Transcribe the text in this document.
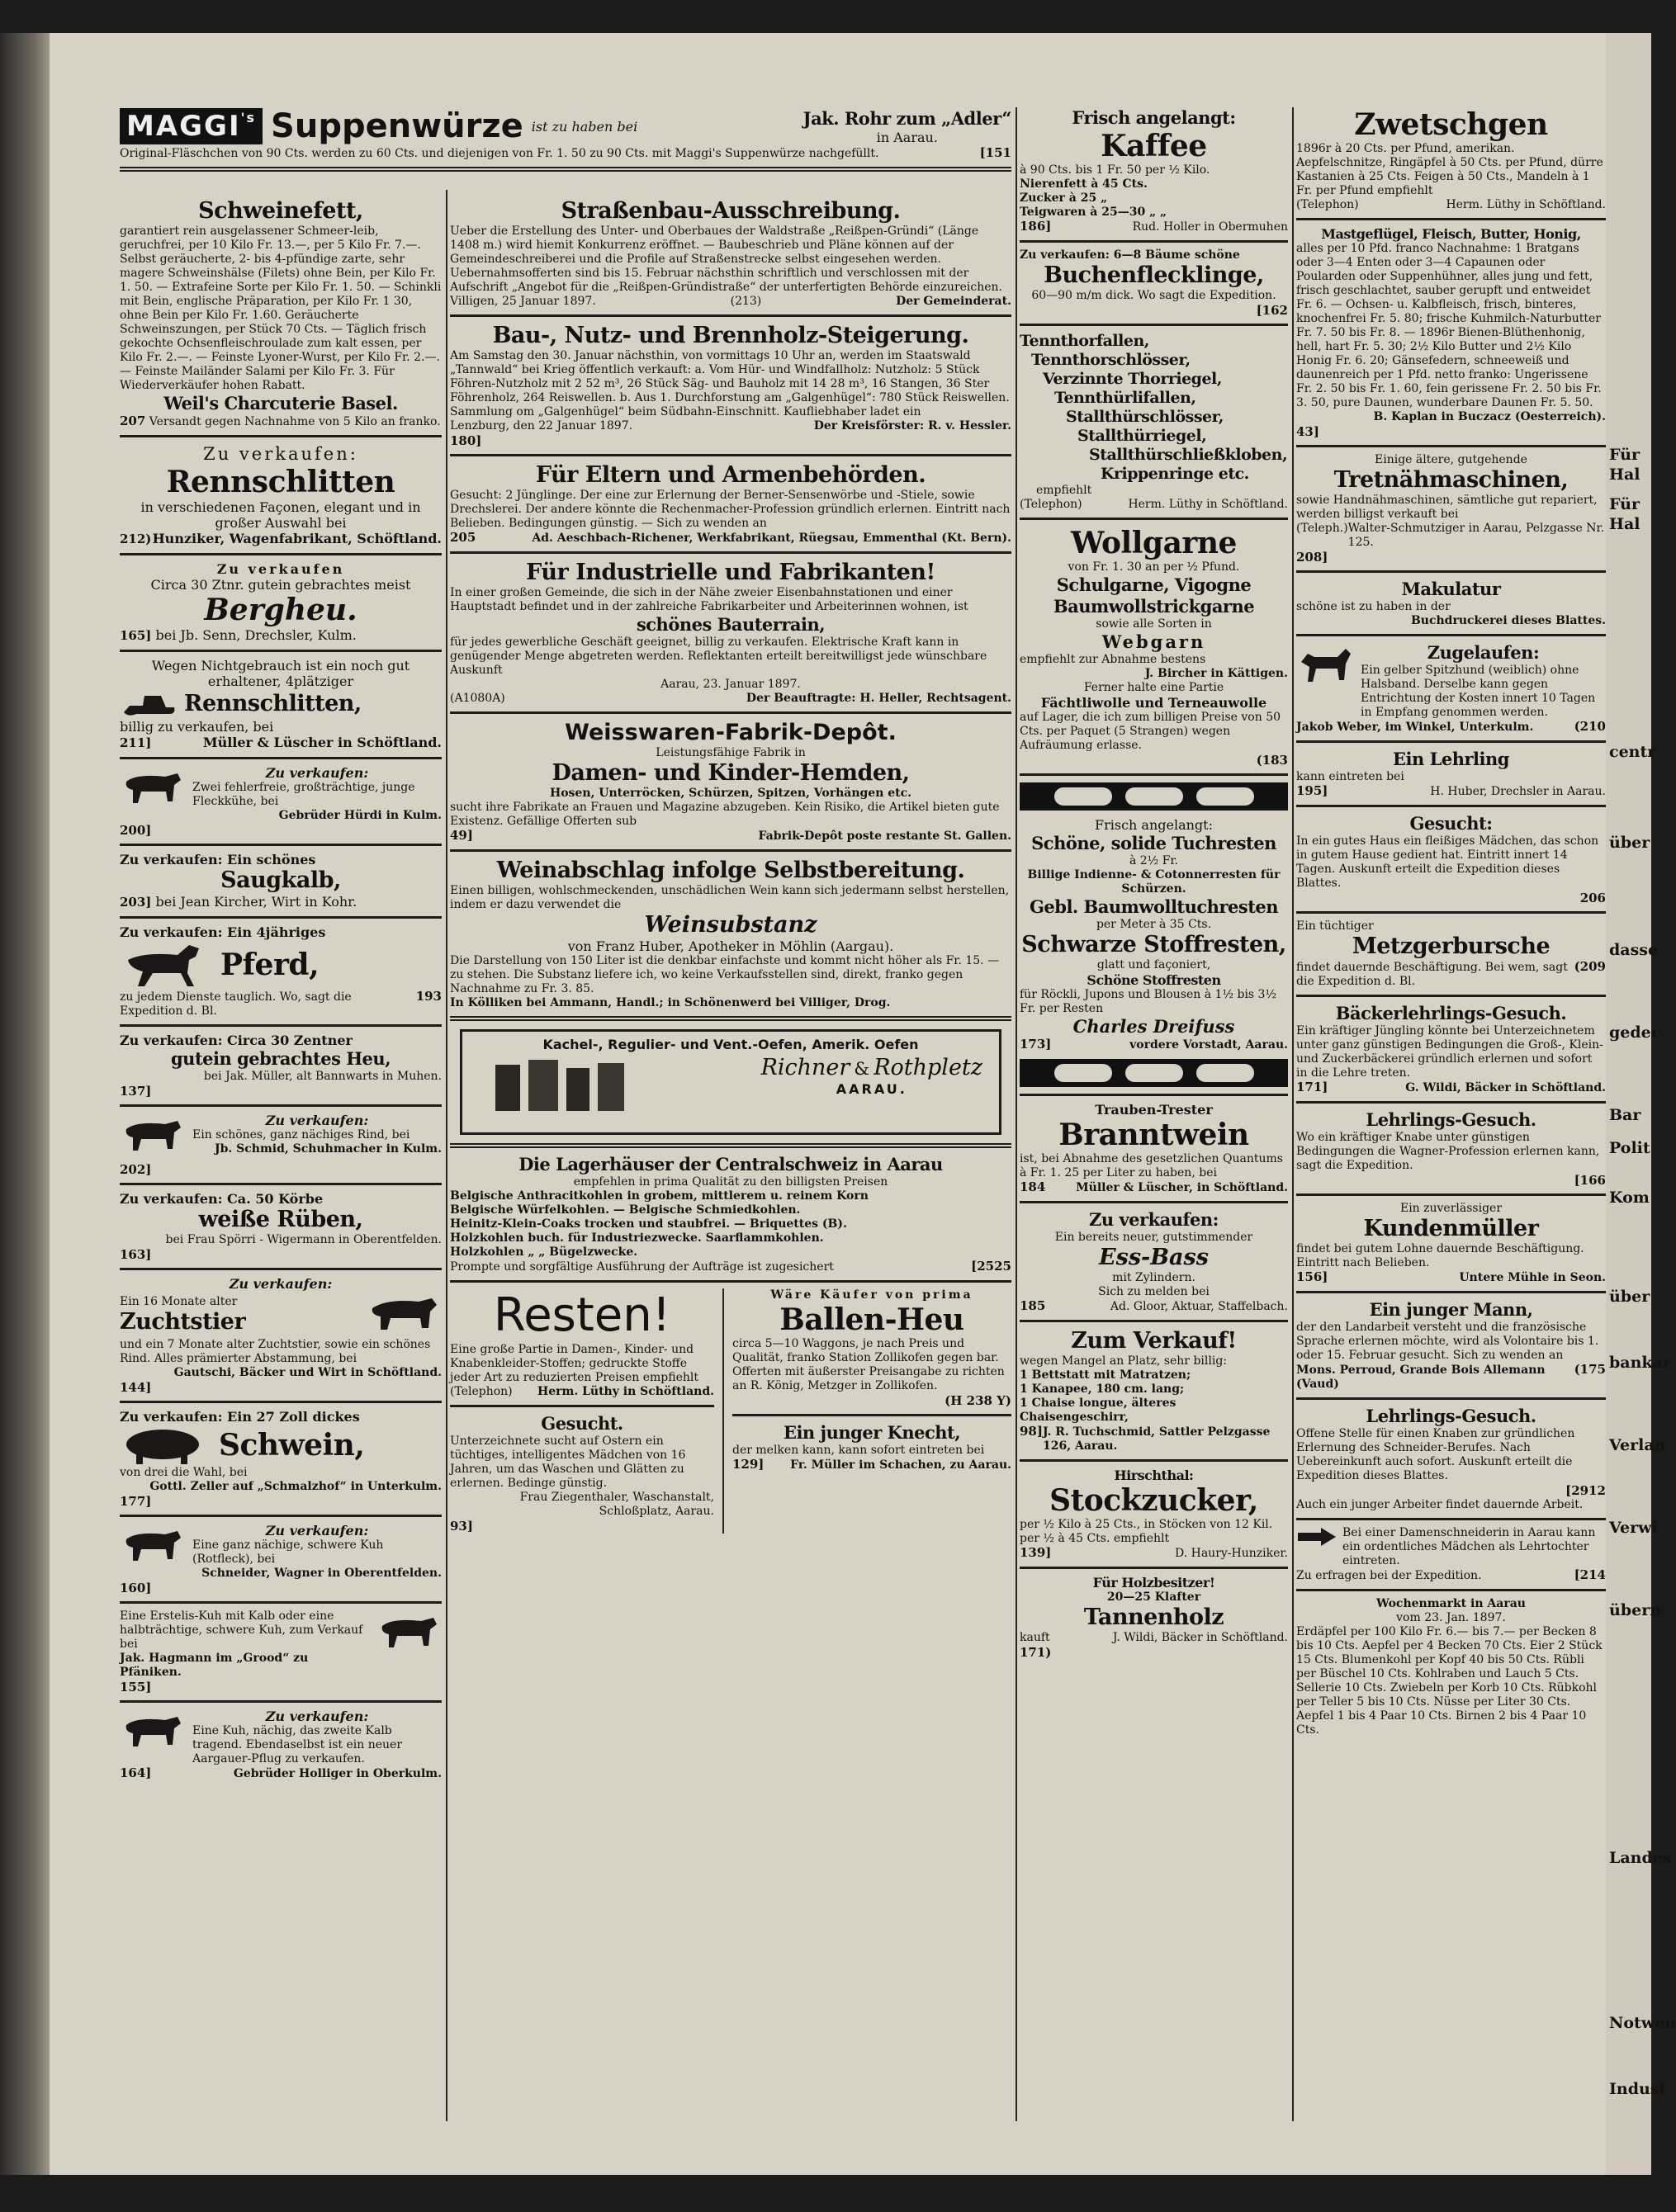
$MAGGI^{'s}$ Suppenwürze ist zu haben bei	Jak. Rohr zum „Adler“
in Aarau.
Original-Fläschchen von 90 Cts. werden zu 60 Cts. und diejenigen von Fr. 1. 50 zu 90 Cts. mit Maggi's Suppenwürze nachgefüllt.	[151
Schweinefett,
garantiert rein ausgelassener Schmeer-leib, geruchfrei, per 10 Kilo Fr. 13.—, per 5 Kilo Fr. 7.—. Selbst geräucherte, 2- bis 4-pfündige zarte, sehr magere Schweinshälse (Filets) ohne Bein, per Kilo Fr. 1. 50. — Extrafeine Sorte per Kilo Fr. 1. 50. — Schinkli mit Bein, englische Präparation, per Kilo Fr. 1 30, ohne Bein per Kilo Fr. 1.60. Geräucherte Schweinszungen, per Stück 70 Cts. — Täglich frisch gekochte Ochsenfleischroulade zum kalt essen, per Kilo Fr. 2.—. — Feinste Lyoner-Wurst, per Kilo Fr. 2.—. — Feinste Mailänder Salami per Kilo Fr. 3. Für Wiederverkäufer hohen Rabatt.
Weil's Charcuterie Basel.
207 Versandt gegen Nachnahme von 5 Kilo an franko.
Zu verkaufen:
Rennschlitten
in verschiedenen Façonen, elegant und in großer Auswahl bei
212) Hunziker, Wagenfabrikant, Schöftland.
Zu verkaufen
Circa 30 Ztnr. gutein gebrachtes meist
Bergheu.
165] bei Jb. Senn, Drechsler, Kulm.
Wegen Nichtgebrauch ist ein noch gut erhaltener, 4plätziger
Rennschlitten,
billig zu verkaufen, bei
211]	Müller & Lüscher in Schöftland.
Zu verkaufen:
Zwei fehlerfreie, großträchtige, junge Fleckkühe, bei
Gebrüder Hürdi in Kulm.
200]
Zu verkaufen: Ein schönes
Saugkalb,
203] bei Jean Kircher, Wirt in Kohr.
Zu verkaufen: Ein 4jähriges
Pferd,
zu jedem Dienste tauglich. Wo, sagt die Expedition d. Bl.
193
Zu verkaufen: Circa 30 Zentner
gutein gebrachtes Heu,
bei Jak. Müller, alt Bannwarts in Muhen.
137]
Zu verkaufen:
Ein schönes, ganz nächiges Rind, bei
Jb. Schmid, Schuhmacher in Kulm.
202]
Zu verkaufen: Ca. 50 Körbe
weiße Rüben,
bei Frau Spörri - Wigermann in Oberentfelden.
163]
Zu verkaufen:
Ein 16 Monate alter
Zuchtstier
und ein 7 Monate alter Zuchtstier, sowie ein schönes Rind. Alles prämierter Abstammung, bei
Gautschi, Bäcker und Wirt in Schöftland.
144]
Zu verkaufen: Ein 27 Zoll dickes
Schwein,
von drei die Wahl, bei
Gottl. Zeller auf „Schmalzhof“ in Unterkulm.
177]
Zu verkaufen:
Eine ganz nächige, schwere Kuh (Rotfleck), bei
Schneider, Wagner in Oberentfelden.
160]
Eine Erstelis-Kuh mit Kalb oder eine halbträchtige, schwere Kuh, zum Verkauf bei
Jak. Hagmann im „Grood“ zu Pfäniken.
155]
Zu verkaufen:
Eine Kuh, nächig, das zweite Kalb tragend. Ebendaselbst ist ein neuer Aargauer-Pflug zu verkaufen.
164]	Gebrüder Holliger in Oberkulm.
Straßenbau-Ausschreibung.
Ueber die Erstellung des Unter- und Oberbaues der Waldstraße „Reißpen-Gründi“ (Länge 1408 m.) wird hiemit Konkurrenz eröffnet. — Baubeschrieb und Pläne können auf der Gemeindeschreiberei und die Profile auf Straßenstrecke selbst eingesehen werden. Uebernahmsofferten sind bis 15. Februar nächsthin schriftlich und verschlossen mit der Aufschrift „Angebot für die „Reißpen-Gründistraße“ der unterfertigten Behörde einzureichen.
Villigen, 25 Januar 1897.	(213)	Der Gemeinderat.
Bau-, Nutz- und Brennholz-Steigerung.
Am Samstag den 30. Januar nächsthin, von vormittags 10 Uhr an, werden im Staatswald „Tannwald“ bei Krieg öffentlich verkauft: a. Vom Hür- und Windfallholz: Nutzholz: 5 Stück Föhren-Nutzholz mit 2 52 m³, 26 Stück Säg- und Bauholz mit 14 28 m³, 16 Stangen, 36 Ster Föhrenholz, 264 Reiswellen. b. Aus 1. Durchforstung am „Galgenhügel“: 780 Stück Reiswellen. Sammlung om „Galgenhügel“ beim Südbahn-Einschnitt. Kaufliebhaber ladet ein
Lenzburg, den 22 Januar 1897.	Der Kreisförster: R. v. Hessler.
180]
Für Eltern und Armenbehörden.
Gesucht: 2 Jünglinge. Der eine zur Erlernung der Berner-Sensenwörbe und -Stiele, sowie Drechslerei. Der andere könnte die Rechenmacher-Profession gründlich erlernen. Eintritt nach Belieben. Bedingungen günstig. — Sich zu wenden an
205	Ad. Aeschbach-Richener, Werkfabrikant, Rüegsau, Emmenthal (Kt. Bern).
Für Industrielle und Fabrikanten!
In einer großen Gemeinde, die sich in der Nähe zweier Eisenbahnstationen und einer Hauptstadt befindet und in der zahlreiche Fabrikarbeiter und Arbeiterinnen wohnen, ist
schönes Bauterrain,
für jedes gewerbliche Geschäft geeignet, billig zu verkaufen. Elektrische Kraft kann in genügender Menge abgetreten werden. Reflektanten erteilt bereitwilligst jede wünschbare Auskunft
Aarau, 23. Januar 1897.
(A1080A)	Der Beauftragte: H. Heller, Rechtsagent.
Weisswaren-Fabrik-Depôt.
Leistungsfähige Fabrik in
Damen- und Kinder-Hemden,
Hosen, Unterröcken, Schürzen, Spitzen, Vorhängen etc.
sucht ihre Fabrikate an Frauen und Magazine abzugeben. Kein Risiko, die Artikel bieten gute Existenz. Gefällige Offerten sub
49]	Fabrik-Depôt poste restante St. Gallen.
Weinabschlag infolge Selbstbereitung.
Einen billigen, wohlschmeckenden, unschädlichen Wein kann sich jedermann selbst herstellen, indem er dazu verwendet die
Weinsubstanz
von Franz Huber, Apotheker in Möhlin (Aargau).
Die Darstellung von 150 Liter ist die denkbar einfachste und kommt nicht höher als Fr. 15. — zu stehen. Die Substanz liefere ich, wo keine Verkaufsstellen sind, direkt, franko gegen Nachnahme zu Fr. 3. 85.
In Kölliken bei Ammann, Handl.; in Schönenwerd bei Villiger, Drog.
Kachel-, Regulier- und Vent.-Oefen, Amerik. Oefen
Richner & Rothpletz
AARAU.
Die Lagerhäuser der Centralschweiz in Aarau
empfehlen in prima Qualität zu den billigsten Preisen
Belgische Anthracitkohlen in grobem, mittlerem u. reinem Korn
Belgische Würfelkohlen. — Belgische Schmiedkohlen.
Heinitz-Klein-Coaks trocken und staubfrei. — Briquettes (B).
Holzkohlen buch. für Industriezwecke. Saarflammkohlen.
Holzkohlen „ „ Bügelzwecke.
Prompte und sorgfältige Ausführung der Aufträge ist zugesichert	[2525
Resten!
Eine große Partie in Damen-, Kinder- und Knabenkleider-Stoffen; gedruckte Stoffe jeder Art zu reduzierten Preisen empfiehlt
(Telephon) Herm. Lüthy in Schöftland.
Gesucht.
Unterzeichnete sucht auf Ostern ein tüchtiges, intelligentes Mädchen von 16 Jahren, um das Waschen und Glätten zu erlernen. Bedinge günstig.
Frau Ziegenthaler, Waschanstalt, Schloßplatz, Aarau.
93]
Wäre Käufer von prima
Ballen-Heu
circa 5—10 Waggons, je nach Preis und Qualität, franko Station Zollikofen gegen bar. Offerten mit äußerster Preisangabe zu richten an R. König, Metzger in Zollikofen.
(H 238 Y)
Ein junger Knecht,
der melken kann, kann sofort eintreten bei
129] Fr. Müller im Schachen, zu Aarau.
Frisch angelangt:
Kaffee
à 90 Cts. bis 1 Fr. 50 per ½ Kilo.
Nierenfett à 45 Cts.
Zucker à 25 „
Teigwaren à 25—30 „ „
186]	Rud. Holler in Obermuhen
Zu verkaufen: 6—8 Bäume schöne
Buchenflecklinge,
60—90 m/m dick. Wo sagt die Expedition.
[162
Tennthorfallen,
Tennthorschlösser,
Verzinnte Thorriegel,
Tennthürlifallen,
Stallthürschlösser,
Stallthürriegel,
Stallthürschließkloben,
Krippenringe etc.
empfiehlt
(Telephon)	Herm. Lüthy in Schöftland.
Wollgarne
von Fr. 1. 30 an per ½ Pfund.
Schulgarne, Vigogne
Baumwollstrickgarne
sowie alle Sorten in
Webgarn
empfiehlt zur Abnahme bestens
J. Bircher in Kättigen.
Ferner halte eine Partie
Fächtliwolle und Terneauwolle
auf Lager, die ich zum billigen Preise von 50 Cts. per Paquet (5 Strangen) wegen Aufräumung erlasse.
(183
Frisch angelangt:
Schöne, solide Tuchresten
à 2½ Fr.
Billige Indienne- & Cotonnerresten für Schürzen.
Gebl. Baumwolltuchresten
per Meter à 35 Cts.
Schwarze Stoffresten,
glatt und façoniert,
Schöne Stoffresten
für Röckli, Jupons und Blousen à 1½ bis 3½ Fr. per Resten
Charles Dreifuss
173]	vordere Vorstadt, Aarau.
Trauben-Trester
Branntwein
ist, bei Abnahme des gesetzlichen Quantums à Fr. 1. 25 per Liter zu haben, bei
184	Müller & Lüscher, in Schöftland.
Zu verkaufen:
Ein bereits neuer, gutstimmender
Ess-Bass
mit Zylindern.
Sich zu melden bei
185	Ad. Gloor, Aktuar, Staffelbach.
Zum Verkauf!
wegen Mangel an Platz, sehr billig:
1 Bettstatt mit Matratzen;
1 Kanapee, 180 cm. lang;
1 Chaise longue, älteres Chaisengeschirr,
98] J. R. Tuchschmid, Sattler Pelzgasse 126, Aarau.
Hirschthal:
Stockzucker,
per ½ Kilo à 25 Cts., in Stöcken von 12 Kil. per ½ à 45 Cts. empfiehlt
139]	D. Haury-Hunziker.
Für Holzbesitzer!
20—25 Klafter
Tannenholz
kauft	J. Wildi, Bäcker in Schöftland.
171)
Zwetschgen
1896r à 20 Cts. per Pfund, amerikan. Aepfelschnitze, Ringäpfel à 50 Cts. per Pfund, dürre Kastanien à 25 Cts. Feigen à 50 Cts., Mandeln à 1 Fr. per Pfund empfiehlt
(Telephon)	Herm. Lüthy in Schöftland.
Mastgeflügel, Fleisch, Butter, Honig,
alles per 10 Pfd. franco Nachnahme: 1 Bratgans oder 3—4 Enten oder 3—4 Capaunen oder Poularden oder Suppenhühner, alles jung und fett, frisch geschlachtet, sauber gerupft und entweidet Fr. 6. — Ochsen- u. Kalbfleisch, frisch, binteres, knochenfrei Fr. 5. 80; frische Kuhmilch-Naturbutter Fr. 7. 50 bis Fr. 8. — 1896r Bienen-Blüthenhonig, hell, hart Fr. 5. 30; 2½ Kilo Butter und 2½ Kilo Honig Fr. 6. 20; Gänsefedern, schneeweiß und daunenreich per 1 Pfd. netto franko: Ungerissene Fr. 2. 50 bis Fr. 1. 60, fein gerissene Fr. 2. 50 bis Fr. 3. 50, pure Daunen, wunderbare Daunen Fr. 5. 50.
B. Kaplan in Buczacz (Oesterreich).
43]
Einige ältere, gutgehende
Tretnähmaschinen,
sowie Handnähmaschinen, sämtliche gut repariert, werden billigst verkauft bei
(Teleph.) Walter-Schmutziger in Aarau, Pelzgasse Nr. 125.
208]
Makulatur
schöne ist zu haben in der
Buchdruckerei dieses Blattes.
Zugelaufen:
Ein gelber Spitzhund (weiblich) ohne Halsband. Derselbe kann gegen Entrichtung der Kosten innert 10 Tagen in Empfang genommen werden.
Jakob Weber, im Winkel, Unterkulm.	(210
Ein Lehrling
kann eintreten bei
195]	H. Huber, Drechsler in Aarau.
Gesucht:
In ein gutes Haus ein fleißiges Mädchen, das schon in gutem Hause gedient hat. Eintritt innert 14 Tagen. Auskunft erteilt die Expedition dieses Blattes.
206
Ein tüchtiger
Metzgerbursche
findet dauernde Beschäftigung. Bei wem, sagt die Expedition d. Bl.
(209
Bäckerlehrlings-Gesuch.
Ein kräftiger Jüngling könnte bei Unterzeichnetem unter ganz günstigen Bedingungen die Groß-, Klein- und Zuckerbäckerei gründlich erlernen und sofort in die Lehre treten.
171]	G. Wildi, Bäcker in Schöftland.
Lehrlings-Gesuch.
Wo ein kräftiger Knabe unter günstigen Bedingungen die Wagner-Profession erlernen kann, sagt die Expedition.
[166
Ein zuverlässiger
Kundenmüller
findet bei gutem Lohne dauernde Beschäftigung. Eintritt nach Belieben.
156]	Untere Mühle in Seon.
Ein junger Mann,
der den Landarbeit versteht und die französische Sprache erlernen möchte, wird als Volontaire bis 1. oder 15. Februar gesucht. Sich zu wenden an
Mons. Perroud, Grande Bois Allemann (Vaud)
(175
Lehrlings-Gesuch.
Offene Stelle für einen Knaben zur gründlichen Erlernung des Schneider-Berufes. Nach Uebereinkunft auch sofort. Auskunft erteilt die Expedition dieses Blattes.
[2912
Auch ein junger Arbeiter findet dauernde Arbeit.
Bei einer Damenschneiderin in Aarau kann ein ordentliches Mädchen als Lehrtochter eintreten.
Zu erfragen bei der Expedition.	[214
Wochenmarkt in Aarau
vom 23. Jan. 1897.
Erdäpfel per 100 Kilo Fr. 6.— bis 7.— per Becken 8 bis 10 Cts. Aepfel per 4 Becken 70 Cts. Eier 2 Stück 15 Cts. Blumenkohl per Kopf 40 bis 50 Cts. Rübli per Büschel 10 Cts. Kohlraben und Lauch 5 Cts. Sellerie 10 Cts. Zwiebeln per Korb 10 Cts. Rübkohl per Teller 5 bis 10 Cts. Nüsse per Liter 30 Cts. Aepfel 1 bis 4 Paar 10 Cts. Birnen 2 bis 4 Paar 10 Cts.
Für
Hal
Für
Hal
centr
über
dasse
geder
Bar
Polit
Kom
über
bankar
Verlan
Verwi
übern
Landes
Notwen
Indust
